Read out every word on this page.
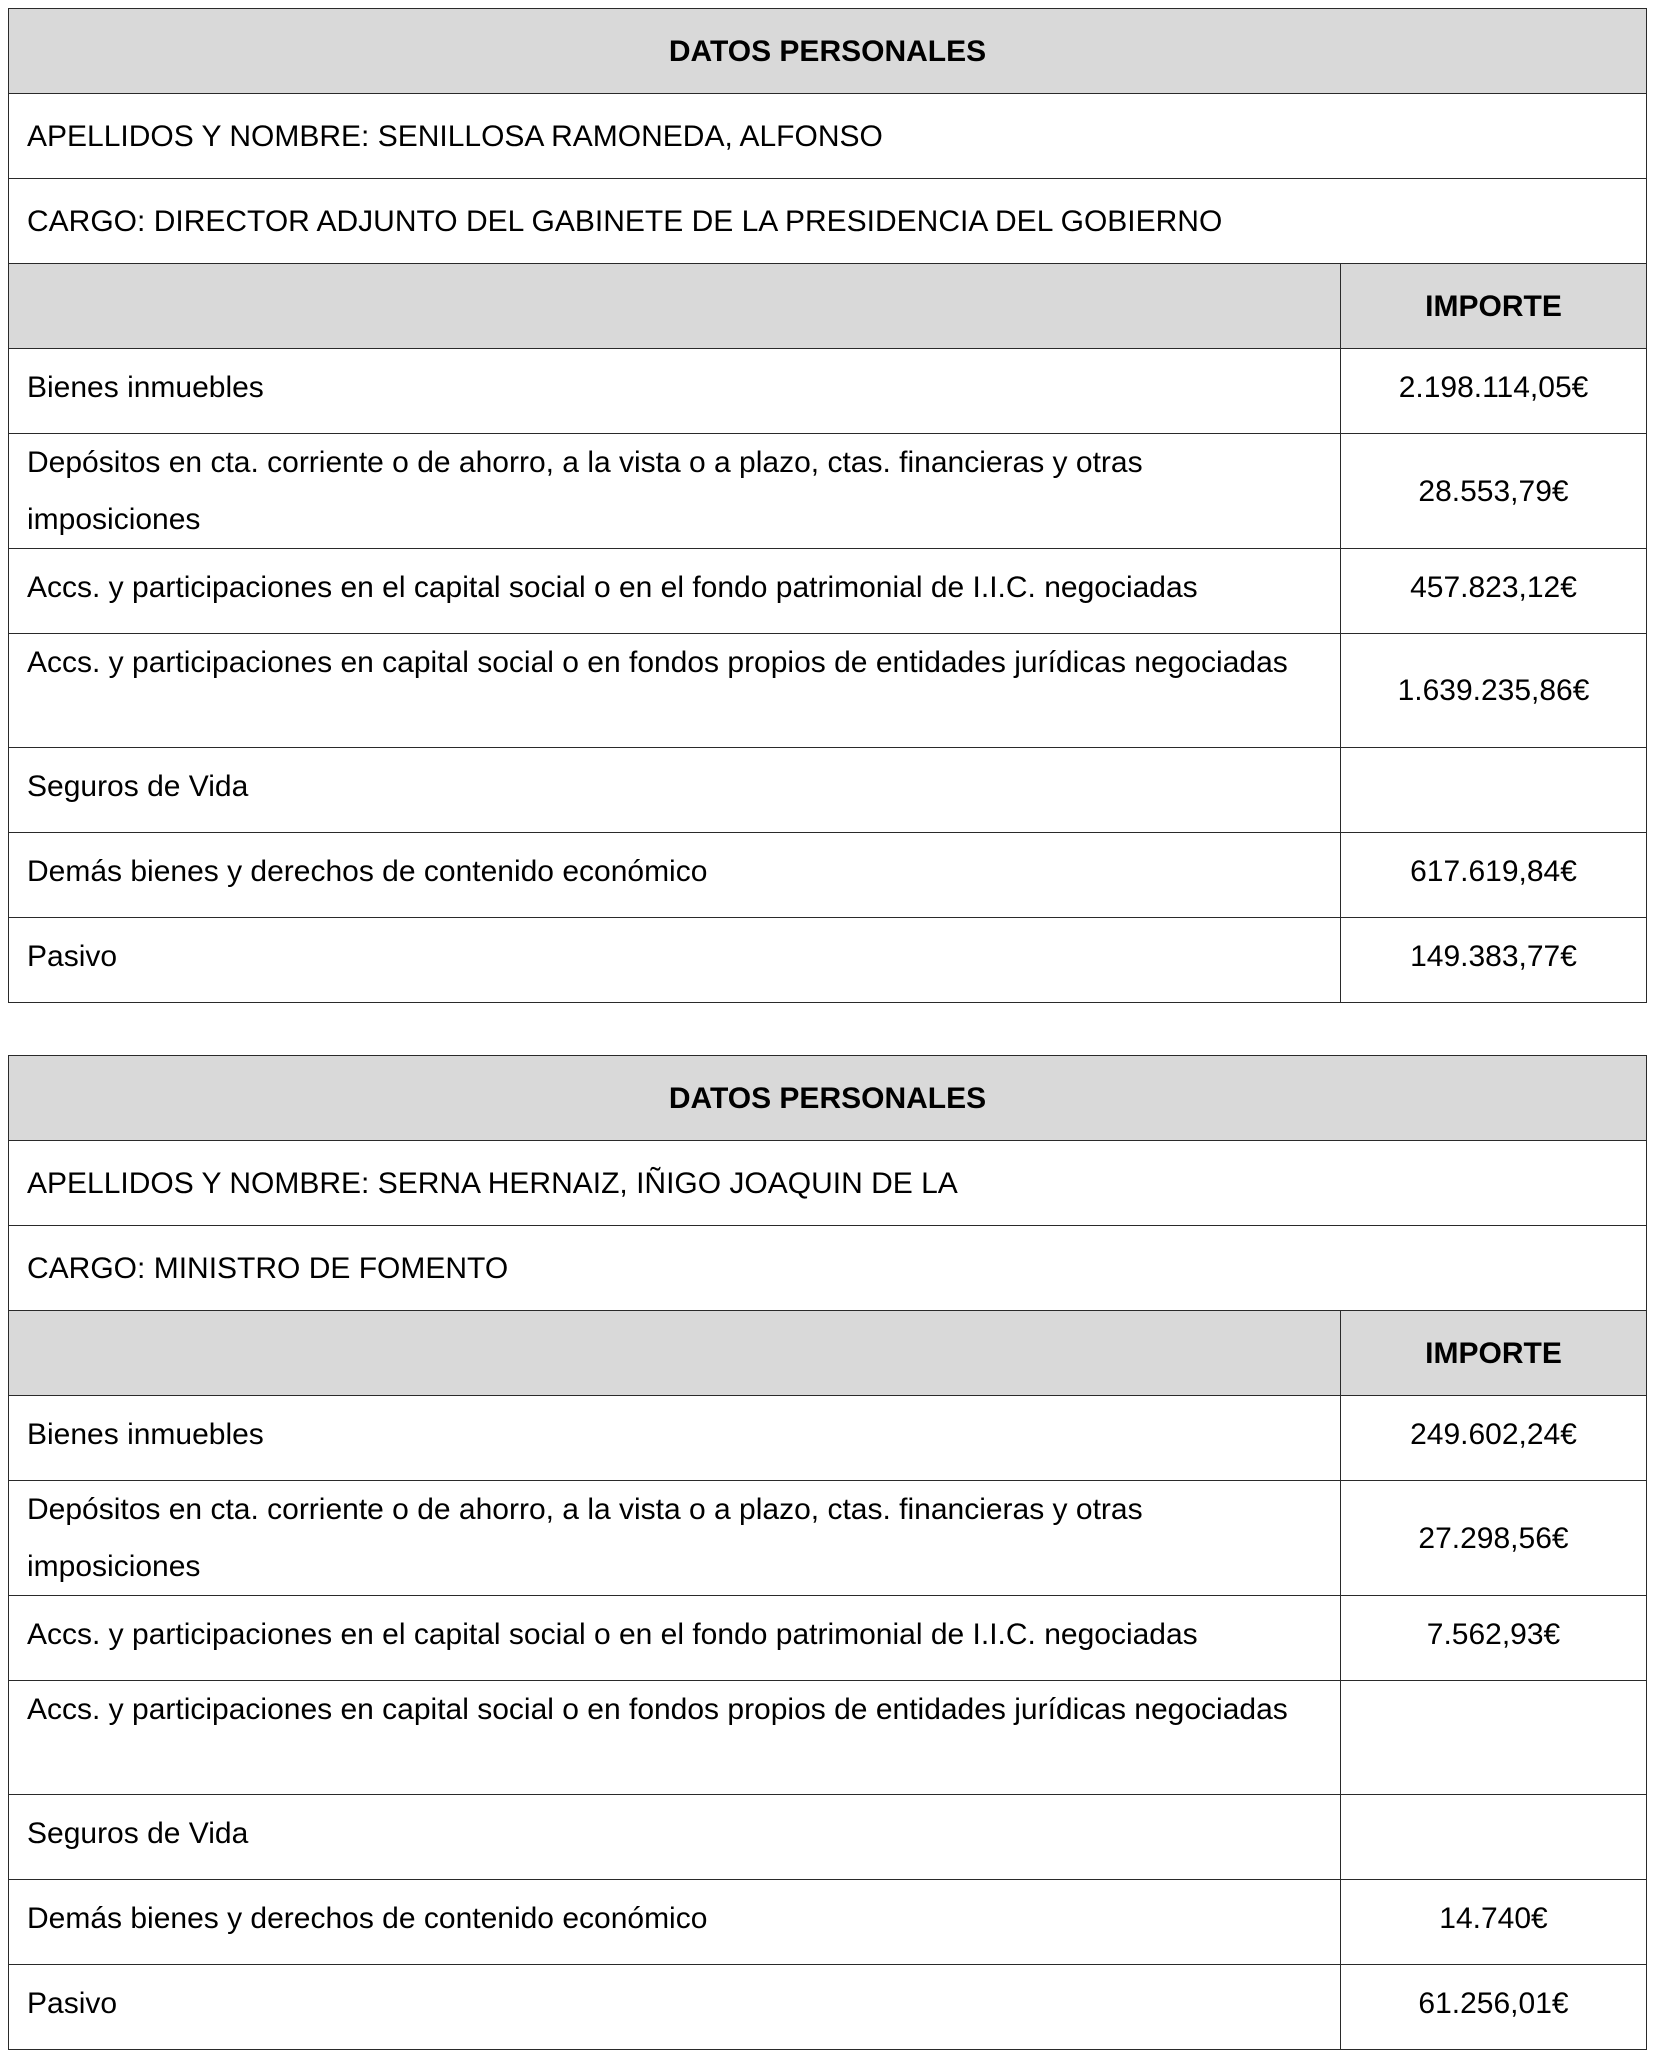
DATOS PERSONALES	
APELLIDOS Y NOMBRE: SENILLOSA RAMONEDA, ALFONSO	
CARGO: DIRECTOR ADJUNTO DEL GABINETE DE LA PRESIDENCIA DEL GOBIERNO	
	IMPORTE
Bienes inmuebles	2.198.114,05€
Depósitos en cta. corriente o de ahorro, a la vista o a plazo, ctas. financieras y otras imposiciones	28.553,79€
Accs. y participaciones en el capital social o en el fondo patrimonial de I.I.C. negociadas	457.823,12€
Accs. y participaciones en capital social o en fondos propios de entidades jurídicas negociadas	1.639.235,86€
Seguros de Vida	
Demás bienes y derechos de contenido económico	617.619,84€
Pasivo	149.383,77€
DATOS PERSONALES	
APELLIDOS Y NOMBRE: SERNA HERNAIZ, IÑIGO JOAQUIN DE LA	
CARGO: MINISTRO DE FOMENTO	
	IMPORTE
Bienes inmuebles	249.602,24€
Depósitos en cta. corriente o de ahorro, a la vista o a plazo, ctas. financieras y otras imposiciones	27.298,56€
Accs. y participaciones en el capital social o en el fondo patrimonial de I.I.C. negociadas	7.562,93€
Accs. y participaciones en capital social o en fondos propios de entidades jurídicas negociadas	
Seguros de Vida	
Demás bienes y derechos de contenido económico	14.740€
Pasivo	61.256,01€
